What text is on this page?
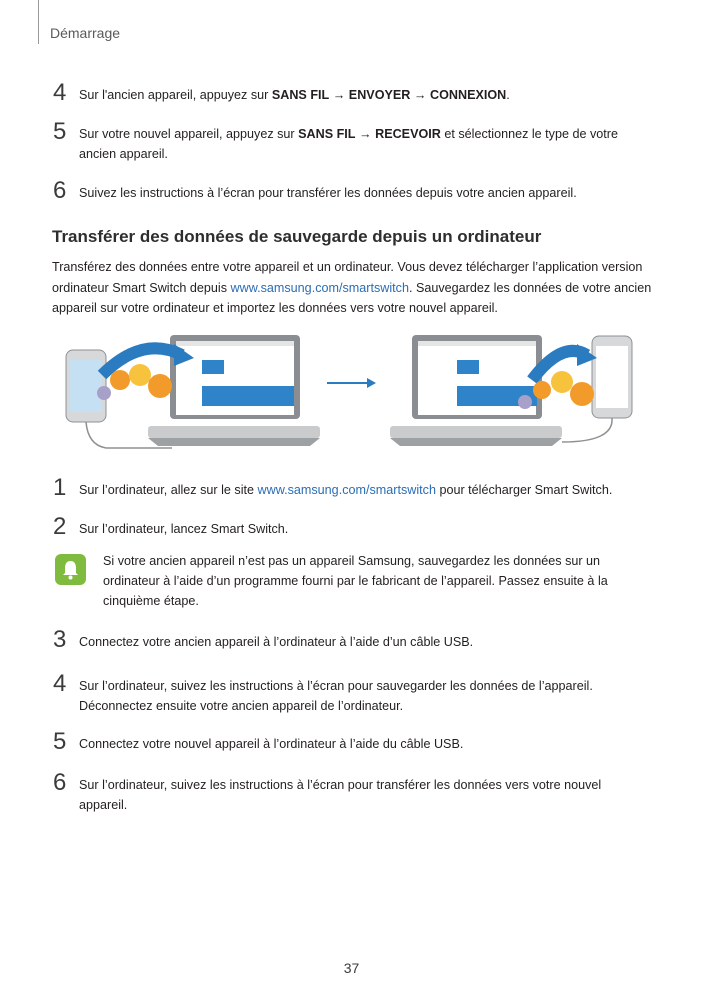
Démarrage
4 Sur l'ancien appareil, appuyez sur SANS FIL → ENVOYER → CONNEXION.
5 Sur votre nouvel appareil, appuyez sur SANS FIL → RECEVOIR et sélectionnez le type de votre ancien appareil.
6 Suivez les instructions à l’écran pour transférer les données depuis votre ancien appareil.
Transférer des données de sauvegarde depuis un ordinateur
Transférez des données entre votre appareil et un ordinateur. Vous devez télécharger l’application version ordinateur Smart Switch depuis www.samsung.com/smartswitch. Sauvegardez les données de votre ancien appareil sur votre ordinateur et importez les données vers votre nouvel appareil.
1 Sur l’ordinateur, allez sur le site www.samsung.com/smartswitch pour télécharger Smart Switch.
2 Sur l’ordinateur, lancez Smart Switch.
Si votre ancien appareil n’est pas un appareil Samsung, sauvegardez les données sur un ordinateur à l’aide d’un programme fourni par le fabricant de l’appareil. Passez ensuite à la cinquième étape.
3 Connectez votre ancien appareil à l’ordinateur à l’aide d’un câble USB.
4 Sur l’ordinateur, suivez les instructions à l’écran pour sauvegarder les données de l’appareil. Déconnectez ensuite votre ancien appareil de l’ordinateur.
5 Connectez votre nouvel appareil à l’ordinateur à l’aide du câble USB.
6 Sur l’ordinateur, suivez les instructions à l’écran pour transférer les données vers votre nouvel appareil.
37
